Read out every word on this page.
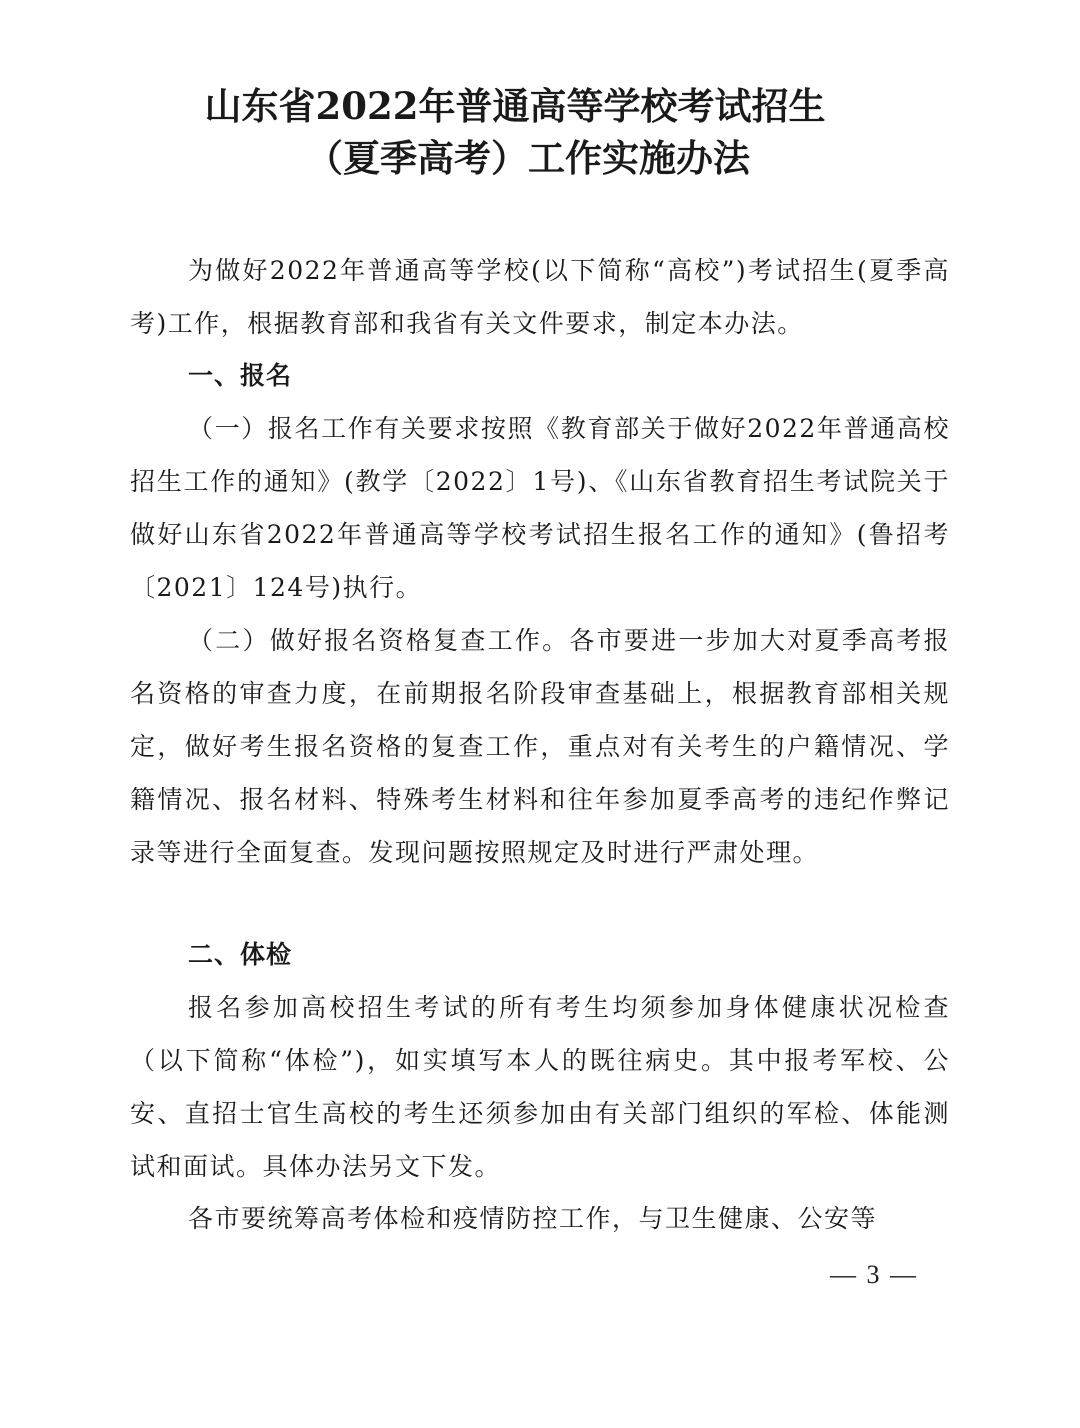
山东省2022年普通高等学校考试招生
（夏季高考）工作实施办法

为做好2022年普通高等学校(以下简称“高校”)考试招生(夏季高考)工作，根据教育部和我省有关文件要求，制定本办法。

一、报名

（一）报名工作有关要求按照《教育部关于做好2022年普通高校招生工作的通知》(教学〔2022〕1号)、《山东省教育招生考试院关于做好山东省2022年普通高等学校考试招生报名工作的通知》(鲁招考〔2021〕124号)执行。

（二）做好报名资格复查工作。各市要进一步加大对夏季高考报名资格的审查力度，在前期报名阶段审查基础上，根据教育部相关规定，做好考生报名资格的复查工作，重点对有关考生的户籍情况、学籍情况、报名材料、特殊考生材料和往年参加夏季高考的违纪作弊记录等进行全面复查。发现问题按照规定及时进行严肃处理。

二、体检

报名参加高校招生考试的所有考生均须参加身体健康状况检查（以下简称“体检”)，如实填写本人的既往病史。其中报考军校、公安、直招士官生高校的考生还须参加由有关部门组织的军检、体能测试和面试。具体办法另文下发。

各市要统筹高考体检和疫情防控工作，与卫生健康、公安等

— 3 —
